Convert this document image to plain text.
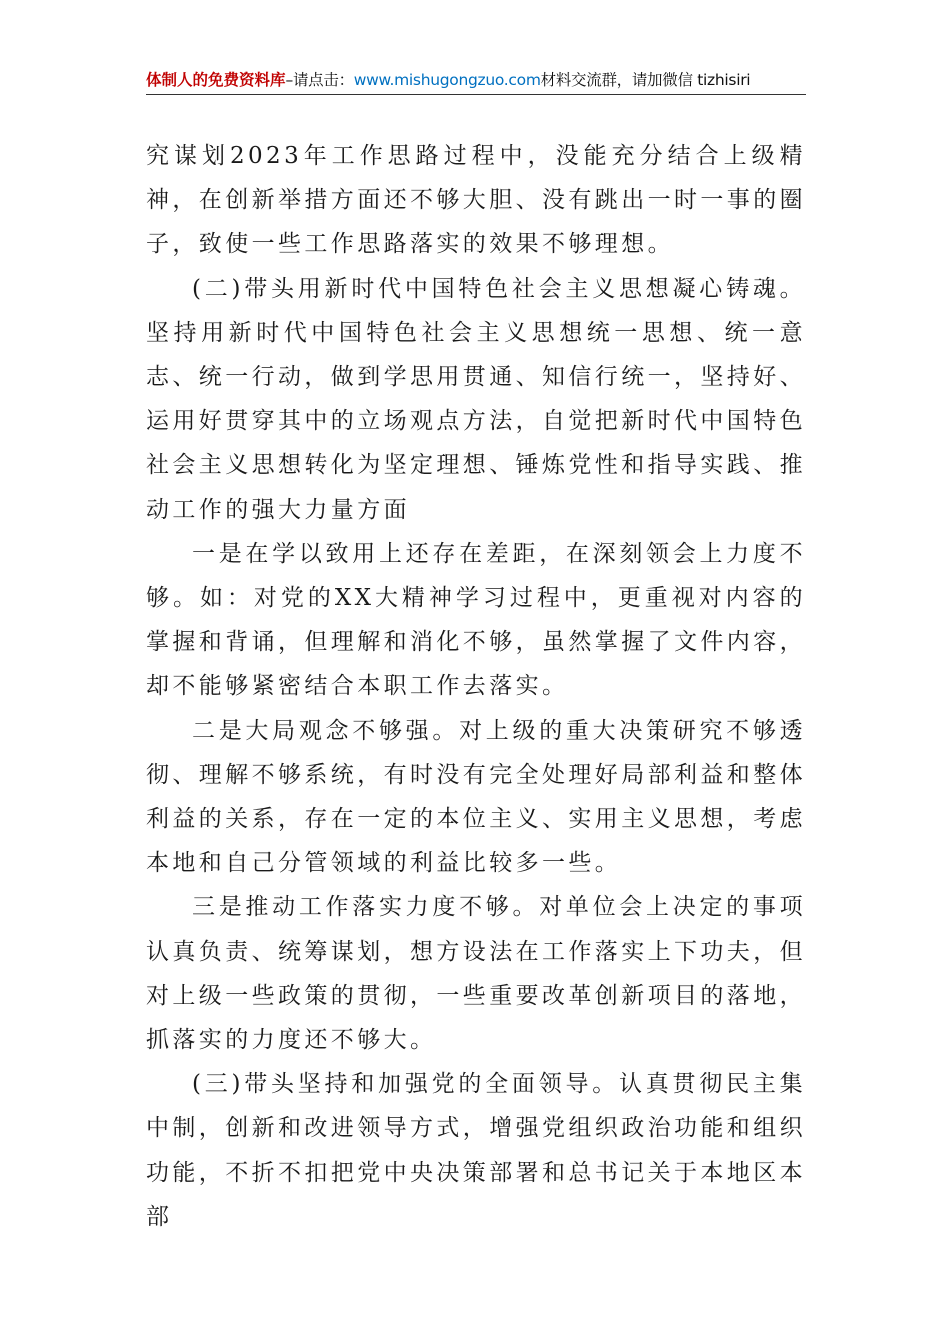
体制人的免费资料库–请点击：www.mishugongzuo.com材料交流群，请加微信 tizhisiri

究谋划2023年工作思路过程中，没能充分结合上级精神，在创新举措方面还不够大胆、没有跳出一时一事的圈子，致使一些工作思路落实的效果不够理想。

(二)带头用新时代中国特色社会主义思想凝心铸魂。坚持用新时代中国特色社会主义思想统一思想、统一意志、统一行动，做到学思用贯通、知信行统一，坚持好、运用好贯穿其中的立场观点方法，自觉把新时代中国特色社会主义思想转化为坚定理想、锤炼党性和指导实践、推动工作的强大力量方面

一是在学以致用上还存在差距，在深刻领会上力度不够。如：对党的XX大精神学习过程中，更重视对内容的掌握和背诵，但理解和消化不够，虽然掌握了文件内容，却不能够紧密结合本职工作去落实。

二是大局观念不够强。对上级的重大决策研究不够透彻、理解不够系统，有时没有完全处理好局部利益和整体利益的关系，存在一定的本位主义、实用主义思想，考虑本地和自己分管领域的利益比较多一些。

三是推动工作落实力度不够。对单位会上决定的事项认真负责、统筹谋划，想方设法在工作落实上下功夫，但对上级一些政策的贯彻，一些重要改革创新项目的落地，抓落实的力度还不够大。

(三)带头坚持和加强党的全面领导。认真贯彻民主集中制，创新和改进领导方式，增强党组织政治功能和组织功能，不折不扣把党中央决策部署和总书记关于本地区本部
